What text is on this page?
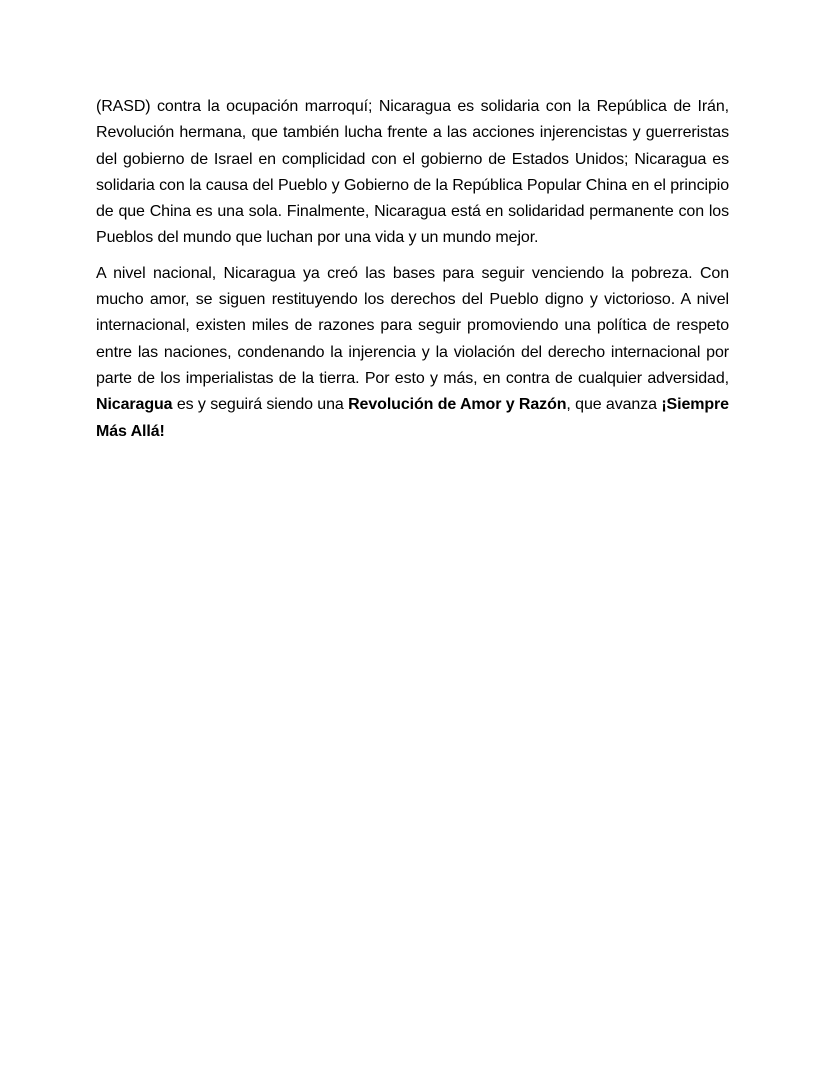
(RASD) contra la ocupación marroquí; Nicaragua es solidaria con la República de Irán, Revolución hermana, que también lucha frente a las acciones injerencistas y guerreristas del gobierno de Israel en complicidad con el gobierno de Estados Unidos; Nicaragua es solidaria con la causa del Pueblo y Gobierno de la República Popular China en el principio de que China es una sola. Finalmente, Nicaragua está en solidaridad permanente con los Pueblos del mundo que luchan por una vida y un mundo mejor.

A nivel nacional, Nicaragua ya creó las bases para seguir venciendo la pobreza. Con mucho amor, se siguen restituyendo los derechos del Pueblo digno y victorioso. A nivel internacional, existen miles de razones para seguir promoviendo una política de respeto entre las naciones, condenando la injerencia y la violación del derecho internacional por parte de los imperialistas de la tierra. Por esto y más, en contra de cualquier adversidad, Nicaragua es y seguirá siendo una Revolución de Amor y Razón, que avanza ¡Siempre Más Allá!
